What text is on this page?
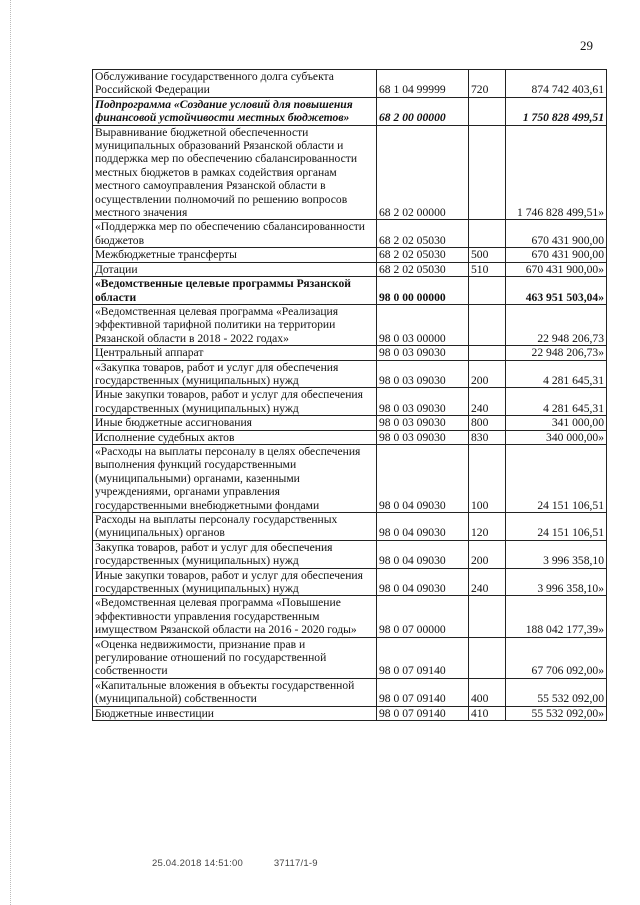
29
Обслуживание государственного долга субъекта Российской Федерации	68 1 04 99999	720	874 742 403,61
Подпрограмма «Создание условий для повышения финансовой устойчивости местных бюджетов»	68 2 00 00000		1 750 828 499,51
Выравнивание бюджетной обеспеченности муниципальных образований Рязанской области и поддержка мер по обеспечению сбалансированности местных бюджетов в рамках содействия органам местного самоуправления Рязанской области в осуществлении полномочий по решению вопросов местного значения	68 2 02 00000		1 746 828 499,51»
«Поддержка мер по обеспечению сбалансированности бюджетов	68 2 02 05030		670 431 900,00
Межбюджетные трансферты	68 2 02 05030	500	670 431 900,00
Дотации	68 2 02 05030	510	670 431 900,00»
«Ведомственные целевые программы Рязанской области	98 0 00 00000		463 951 503,04»
«Ведомственная целевая программа «Реализация эффективной тарифной политики на территории Рязанской области в 2018 - 2022 годах»	98 0 03 00000		22 948 206,73
Центральный аппарат	98 0 03 09030		22 948 206,73»
«Закупка товаров, работ и услуг для обеспечения государственных (муниципальных) нужд	98 0 03 09030	200	4 281 645,31
Иные закупки товаров, работ и услуг для обеспечения государственных (муниципальных) нужд	98 0 03 09030	240	4 281 645,31
Иные бюджетные ассигнования	98 0 03 09030	800	341 000,00
Исполнение судебных актов	98 0 03 09030	830	340 000,00»
«Расходы на выплаты персоналу в целях обеспечения выполнения функций государственными (муниципальными) органами, казенными учреждениями, органами управления государственными внебюджетными фондами	98 0 04 09030	100	24 151 106,51
Расходы на выплаты персоналу государственных (муниципальных) органов	98 0 04 09030	120	24 151 106,51
Закупка товаров, работ и услуг для обеспечения государственных (муниципальных) нужд	98 0 04 09030	200	3 996 358,10
Иные закупки товаров, работ и услуг для обеспечения государственных (муниципальных) нужд	98 0 04 09030	240	3 996 358,10»
«Ведомственная целевая программа «Повышение эффективности управления государственным имуществом Рязанской области на 2016 - 2020 годы»	98 0 07 00000		188 042 177,39»
«Оценка недвижимости, признание прав и регулирование отношений по государственной собственности	98 0 07 09140		67 706 092,00»
«Капитальные вложения в объекты государственной (муниципальной) собственности	98 0 07 09140	400	55 532 092,00
Бюджетные инвестиции	98 0 07 09140	410	55 532 092,00»
25.04.2018 14:51:00	37117/1-9
